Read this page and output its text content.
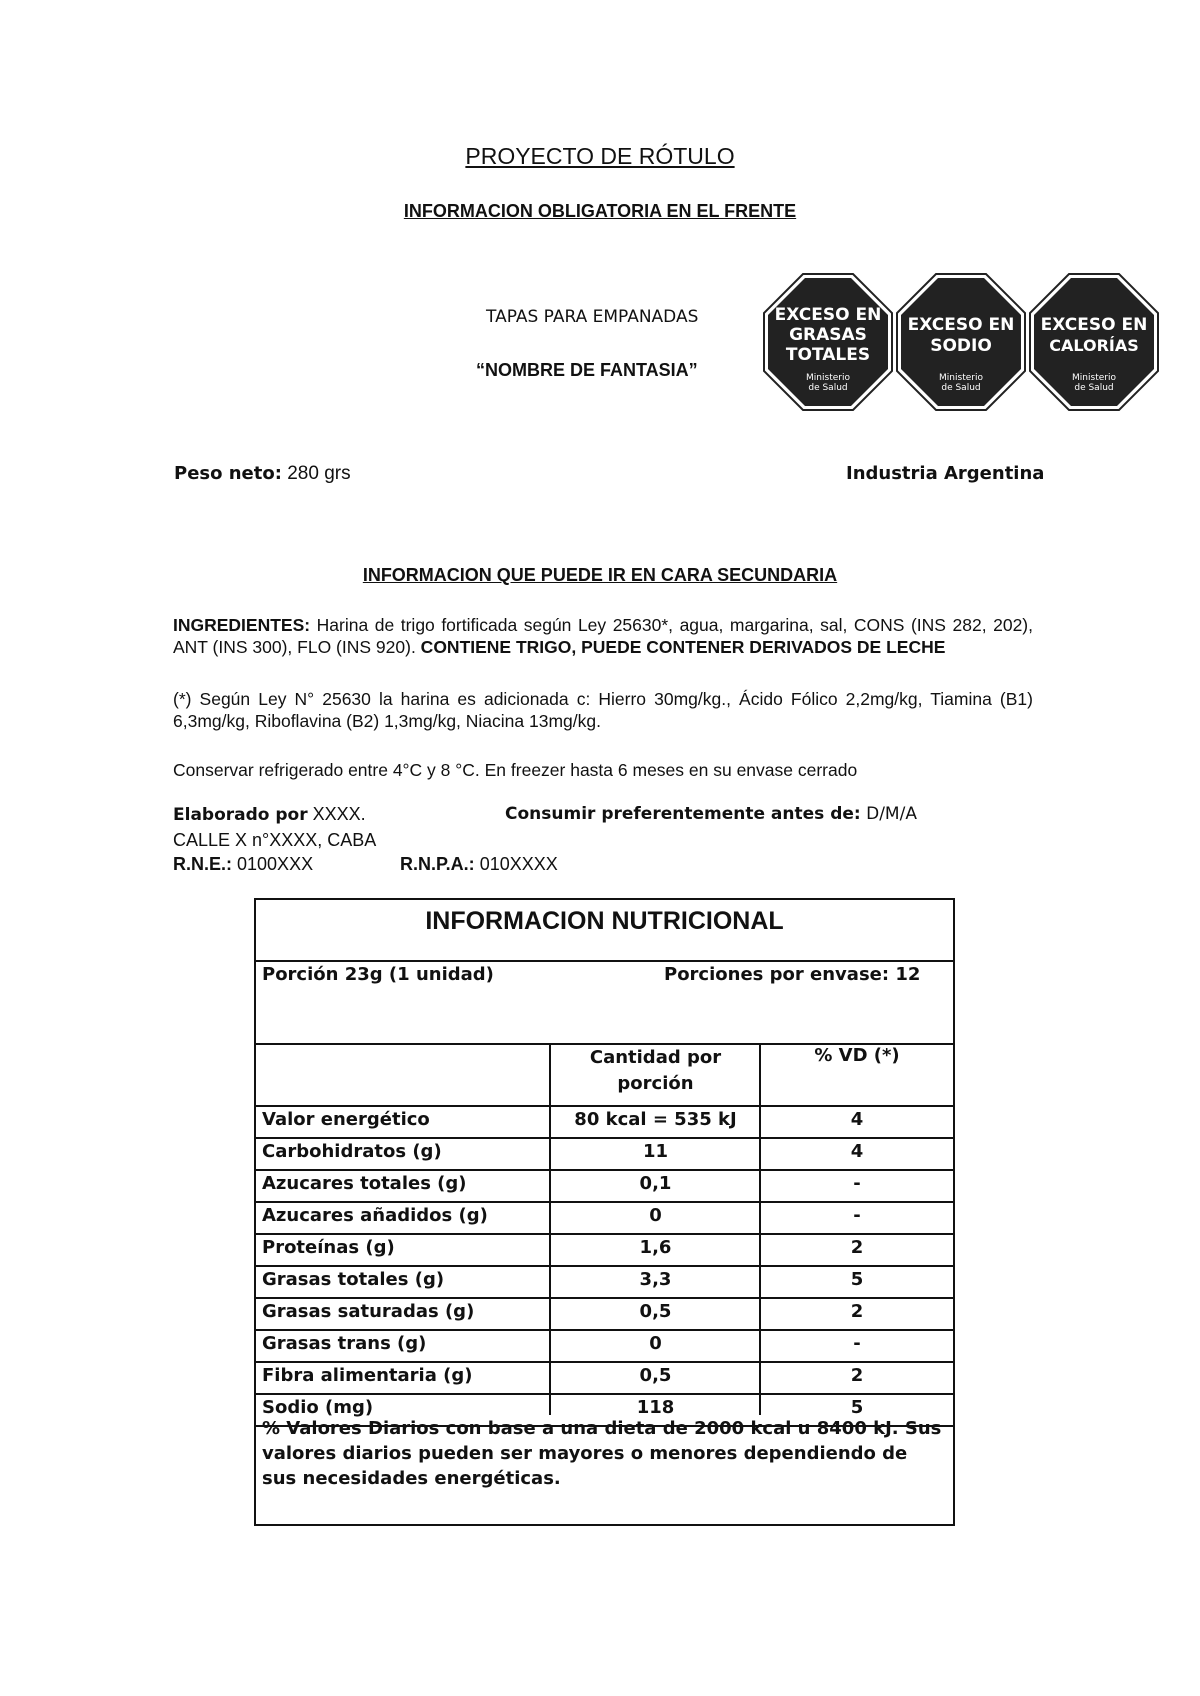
PROYECTO DE RÓTULO
INFORMACION OBLIGATORIA EN EL FRENTE
TAPAS PARA EMPANADAS
“NOMBRE DE FANTASIA”
EXCESO EN
GRASAS
TOTALES
Ministerio
de Salud
EXCESO EN
SODIO
Ministerio
de Salud
EXCESO EN
CALORÍAS
Ministerio
de Salud
Peso neto: 280 grs	Industria Argentina
INFORMACION QUE PUEDE IR EN CARA SECUNDARIA
INGREDIENTES: Harina de trigo fortificada según Ley 25630*, agua, margarina, sal, CONS (INS 282, 202), ANT (INS 300), FLO (INS 920). CONTIENE TRIGO, PUEDE CONTENER DERIVADOS DE LECHE
(*) Según Ley N° 25630 la harina es adicionada c: Hierro 30mg/kg., Ácido Fólico 2,2mg/kg, Tiamina (B1) 6,3mg/kg, Riboflavina (B2) 1,3mg/kg, Niacina 13mg/kg.
Conservar refrigerado entre 4°C y 8 °C. En freezer hasta 6 meses en su envase cerrado
Elaborado por XXXX.	Consumir preferentemente antes de: D/M/A
CALLE X n°XXXX, CABA
R.N.E.: 0100XXX	R.N.P.A.: 010XXXX
INFORMACION NUTRICIONAL
Porción 23g (1 unidad)	Porciones por envase: 12
Cantidad por porción
% VD (*)
Valor energético	80 kcal = 535 kJ	4
Carbohidratos (g)	11	4
Azucares totales (g)	0,1	-
Azucares añadidos (g)	0	-
Proteínas (g)	1,6	2
Grasas totales (g)	3,3	5
Grasas saturadas (g)	0,5	2
Grasas trans (g)	0	-
Fibra alimentaria (g)	0,5	2
Sodio (mg)	118	5
% Valores Diarios con base a una dieta de 2000 kcal u 8400 kJ. Sus valores diarios pueden ser mayores o menores dependiendo de sus necesidades energéticas.
